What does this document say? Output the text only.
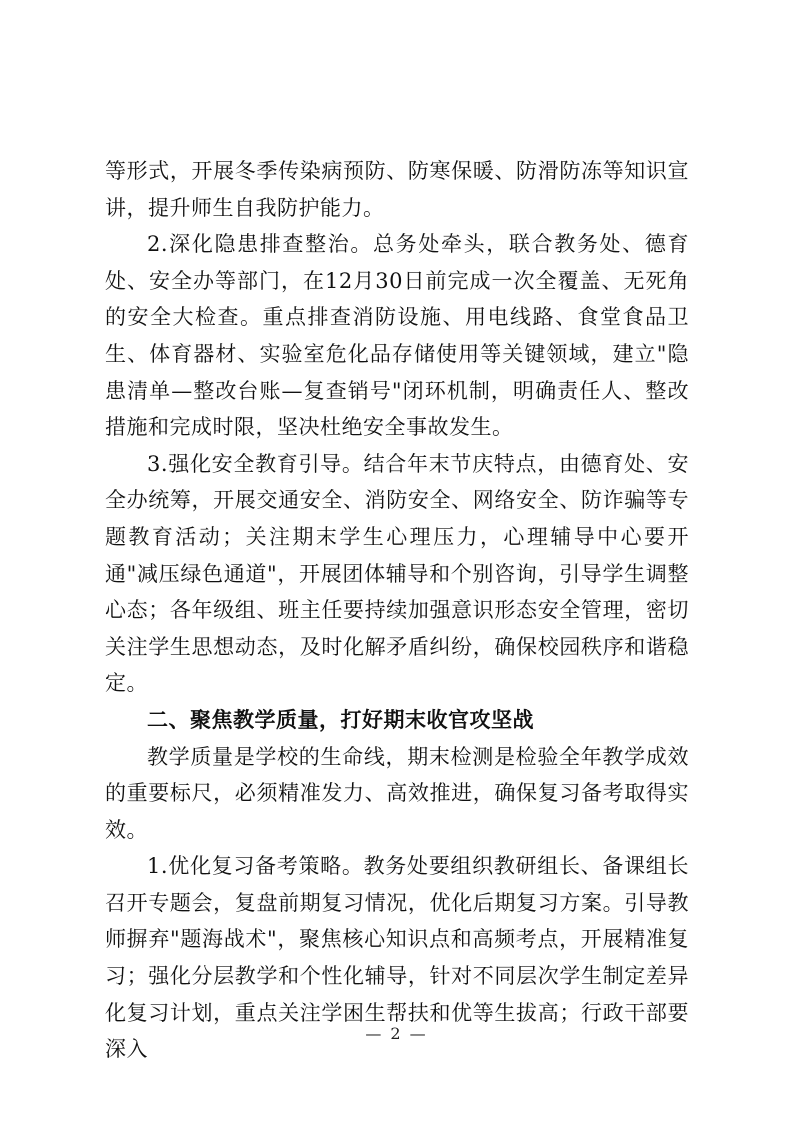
等形式，开展冬季传染病预防、防寒保暖、防滑防冻等知识宣讲，提升师生自我防护能力。

2.深化隐患排查整治。总务处牵头，联合教务处、德育处、安全办等部门，在12月30日前完成一次全覆盖、无死角的安全大检查。重点排查消防设施、用电线路、食堂食品卫生、体育器材、实验室危化品存储使用等关键领域，建立"隐患清单—整改台账—复查销号"闭环机制，明确责任人、整改措施和完成时限，坚决杜绝安全事故发生。

3.强化安全教育引导。结合年末节庆特点，由德育处、安全办统筹，开展交通安全、消防安全、网络安全、防诈骗等专题教育活动；关注期末学生心理压力，心理辅导中心要开通"减压绿色通道"，开展团体辅导和个别咨询，引导学生调整心态；各年级组、班主任要持续加强意识形态安全管理，密切关注学生思想动态，及时化解矛盾纠纷，确保校园秩序和谐稳定。

二、聚焦教学质量，打好期末收官攻坚战

教学质量是学校的生命线，期末检测是检验全年教学成效的重要标尺，必须精准发力、高效推进，确保复习备考取得实效。

1.优化复习备考策略。教务处要组织教研组长、备课组长召开专题会，复盘前期复习情况，优化后期复习方案。引导教师摒弃"题海战术"，聚焦核心知识点和高频考点，开展精准复习；强化分层教学和个性化辅导，针对不同层次学生制定差异化复习计划，重点关注学困生帮扶和优等生拔高；行政干部要深入

— 2 —
